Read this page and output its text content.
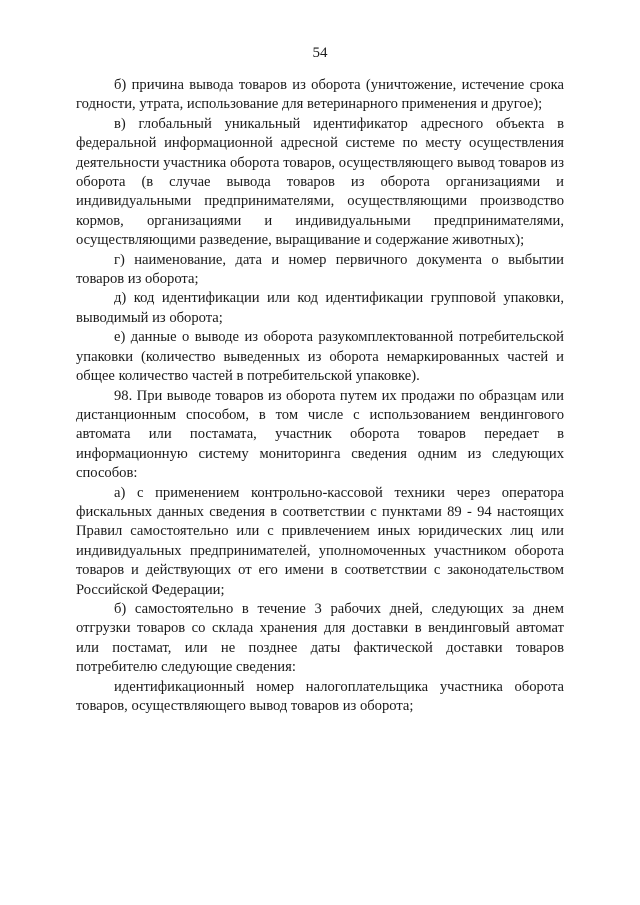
54

б) причина вывода товаров из оборота (уничтожение, истечение срока годности, утрата, использование для ветеринарного применения и другое);

в) глобальный уникальный идентификатор адресного объекта в федеральной информационной адресной системе по месту осуществления деятельности участника оборота товаров, осуществляющего вывод товаров из оборота (в случае вывода товаров из оборота организациями и индивидуальными предпринимателями, осуществляющими производство кормов, организациями и индивидуальными предпринимателями, осуществляющими разведение, выращивание и содержание животных);

г) наименование, дата и номер первичного документа о выбытии товаров из оборота;

д) код идентификации или код идентификации групповой упаковки, выводимый из оборота;

е) данные о выводе из оборота разукомплектованной потребительской упаковки (количество выведенных из оборота немаркированных частей и общее количество частей в потребительской упаковке).

98. При выводе товаров из оборота путем их продажи по образцам или дистанционным способом, в том числе с использованием вендингового автомата или постамата, участник оборота товаров передает в информационную систему мониторинга сведения одним из следующих способов:

а) с применением контрольно-кассовой техники через оператора фискальных данных сведения в соответствии с пунктами 89 - 94 настоящих Правил самостоятельно или с привлечением иных юридических лиц или индивидуальных предпринимателей, уполномоченных участником оборота товаров и действующих от его имени в соответствии с законодательством Российской Федерации;

б) самостоятельно в течение 3 рабочих дней, следующих за днем отгрузки товаров со склада хранения для доставки в вендинговый автомат или постамат, или не позднее даты фактической доставки товаров потребителю следующие сведения:

идентификационный номер налогоплательщика участника оборота товаров, осуществляющего вывод товаров из оборота;
